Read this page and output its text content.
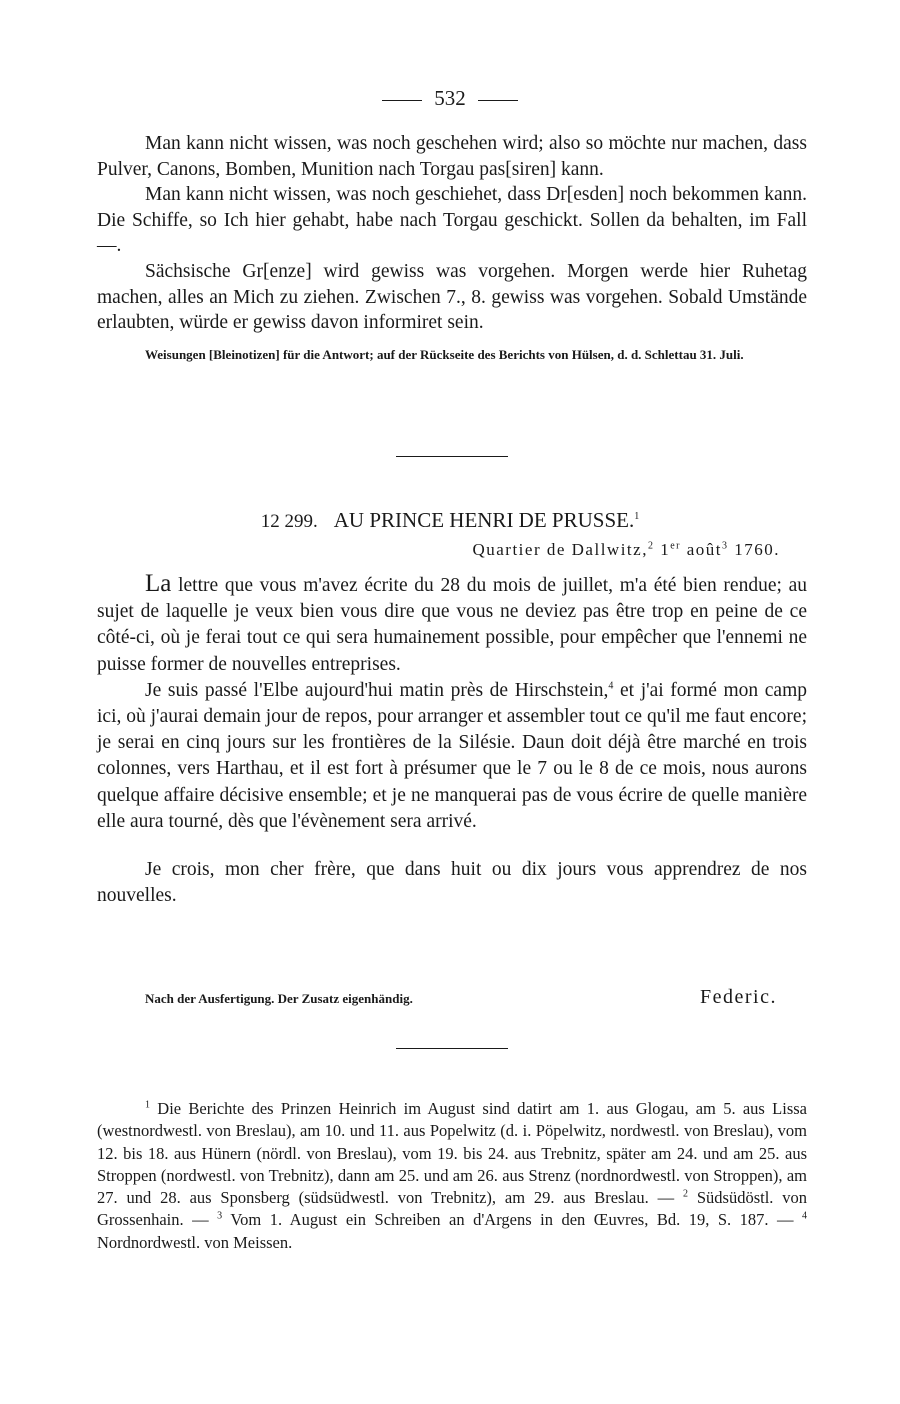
532

Man kann nicht wissen, was noch geschehen wird; also so möchte nur machen, dass Pulver, Canons, Bomben, Munition nach Torgau pas[siren] kann.

Man kann nicht wissen, was noch geschiehet, dass Dr[esden] noch bekommen kann. Die Schiffe, so Ich hier gehabt, habe nach Torgau geschickt. Sollen da behalten, im Fall —.

Sächsische Gr[enze] wird gewiss was vorgehen. Morgen werde hier Ruhetag machen, alles an Mich zu ziehen. Zwischen 7., 8. gewiss was vorgehen. Sobald Umstände erlaubten, würde er gewiss davon informiret sein.

Weisungen [Bleinotizen] für die Antwort; auf der Rückseite des Berichts von Hülsen, d. d. Schlettau 31. Juli.

12 299. AU PRINCE HENRI DE PRUSSE.$^1$
Quartier de Dallwitz,$^2$ 1er août$^3$ 1760.

La lettre que vous m'avez écrite du 28 du mois de juillet, m'a été bien rendue; au sujet de laquelle je veux bien vous dire que vous ne deviez pas être trop en peine de ce côté-ci, où je ferai tout ce qui sera humainement possible, pour empêcher que l'ennemi ne puisse former de nouvelles entreprises.

Je suis passé l'Elbe aujourd'hui matin près de Hirschstein,$^4$ et j'ai formé mon camp ici, où j'aurai demain jour de repos, pour arranger et assembler tout ce qu'il me faut encore; je serai en cinq jours sur les frontières de la Silésie. Daun doit déjà être marché en trois colonnes, vers Harthau, et il est fort à présumer que le 7 ou le 8 de ce mois, nous aurons quelque affaire décisive ensemble; et je ne manquerai pas de vous écrire de quelle manière elle aura tourné, dès que l'évènement sera arrivé.

Je crois, mon cher frère, que dans huit ou dix jours vous apprendrez de nos nouvelles.

Nach der Ausfertigung. Der Zusatz eigenhändig.	Federic.

$^1$ Die Berichte des Prinzen Heinrich im August sind datirt am 1. aus Glogau, am 5. aus Lissa (westnordwestl. von Breslau), am 10. und 11. aus Popelwitz (d. i. Pöpelwitz, nordwestl. von Breslau), vom 12. bis 18. aus Hünern (nördl. von Breslau), vom 19. bis 24. aus Trebnitz, später am 24. und am 25. aus Stroppen (nordwestl. von Trebnitz), dann am 25. und am 26. aus Strenz (nordnordwestl. von Stroppen), am 27. und 28. aus Sponsberg (südsüdwestl. von Trebnitz), am 29. aus Breslau. — $^2$ Südsüdöstl. von Grossenhain. — $^3$ Vom 1. August ein Schreiben an d'Argens in den Œuvres, Bd. 19, S. 187. — $^4$ Nordnordwestl. von Meissen.
